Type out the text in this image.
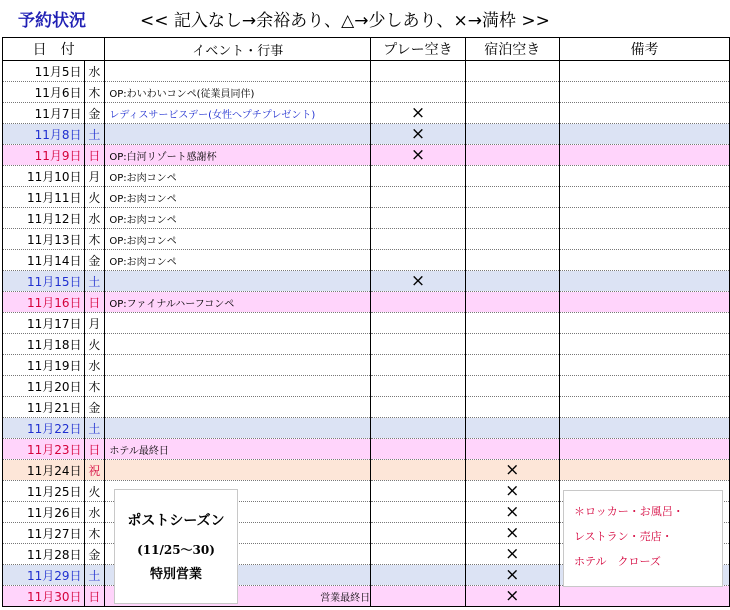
予約状況	<< 記入なし→余裕あり、△→少しあり、×→満枠 >>
日　付		イベント・行事	プレー空き	宿泊空き	備考
11月5日	水				
11月6日	木	OP:わいわいコンペ(従業員同伴)			
11月7日	金	レディスサービスデー(女性へプチプレゼント)	×		
11月8日	土		×		
11月9日	日	OP:白河リゾート感謝杯	×		
11月10日	月	OP:お肉コンペ			
11月11日	火	OP:お肉コンペ			
11月12日	水	OP:お肉コンペ			
11月13日	木	OP:お肉コンペ			
11月14日	金	OP:お肉コンペ			
11月15日	土		×		
11月16日	日	OP:ファイナルハーフコンペ			
11月17日	月				
11月18日	火				
11月19日	水				
11月20日	木				
11月21日	金				
11月22日	土				
11月23日	日	ホテル最終日			
11月24日	祝			×	
11月25日	火			×	
11月26日	水			×	
11月27日	木			×	
11月28日	金			×	
11月29日	土			×	
11月30日	日	営業最終日		×	
ポストシーズン
(11/25～30)
特別営業
＊ロッカー・お風呂・
レストラン・売店・
ホテル　クローズ
